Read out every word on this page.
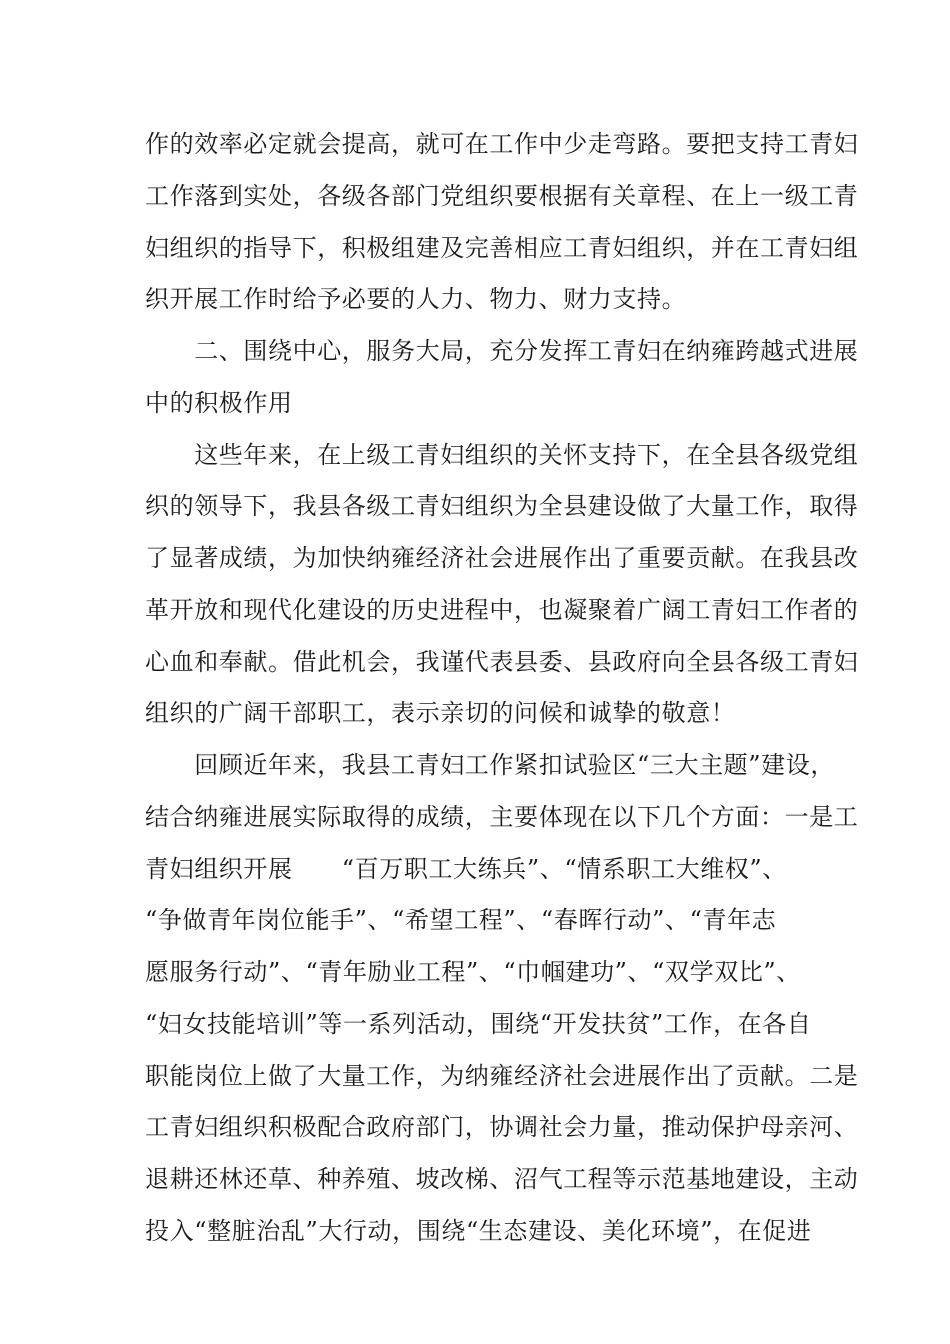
作的效率必定就会提高，就可在工作中少走弯路。要把支持工青妇
工作落到实处，各级各部门党组织要根据有关章程、在上一级工青
妇组织的指导下，积极组建及完善相应工青妇组织，并在工青妇组
织开展工作时给予必要的人力、物力、财力支持。
　　二、围绕中心，服务大局，充分发挥工青妇在纳雍跨越式进展
中的积极作用
　　这些年来，在上级工青妇组织的关怀支持下，在全县各级党组
织的领导下，我县各级工青妇组织为全县建设做了大量工作，取得
了显著成绩，为加快纳雍经济社会进展作出了重要贡献。在我县改
革开放和现代化建设的历史进程中，也凝聚着广阔工青妇工作者的
心血和奉献。借此机会，我谨代表县委、县政府向全县各级工青妇
组织的广阔干部职工，表示亲切的问候和诚挚的敬意！
　　回顾近年来，我县工青妇工作紧扣试验区“三大主题”建设，
结合纳雍进展实际取得的成绩，主要体现在以下几个方面：一是工
青妇组织开展　　“百万职工大练兵”、“情系职工大维权”、
“争做青年岗位能手”、“希望工程”、“春晖行动”、“青年志
愿服务行动”、“青年励业工程”、“巾帼建功”、“双学双比”、
“妇女技能培训”等一系列活动，围绕“开发扶贫”工作，在各自
职能岗位上做了大量工作，为纳雍经济社会进展作出了贡献。二是
工青妇组织积极配合政府部门，协调社会力量，推动保护母亲河、
退耕还林还草、种养殖、坡改梯、沼气工程等示范基地建设，主动
投入“整脏治乱”大行动，围绕“生态建设、美化环境”，在促进
